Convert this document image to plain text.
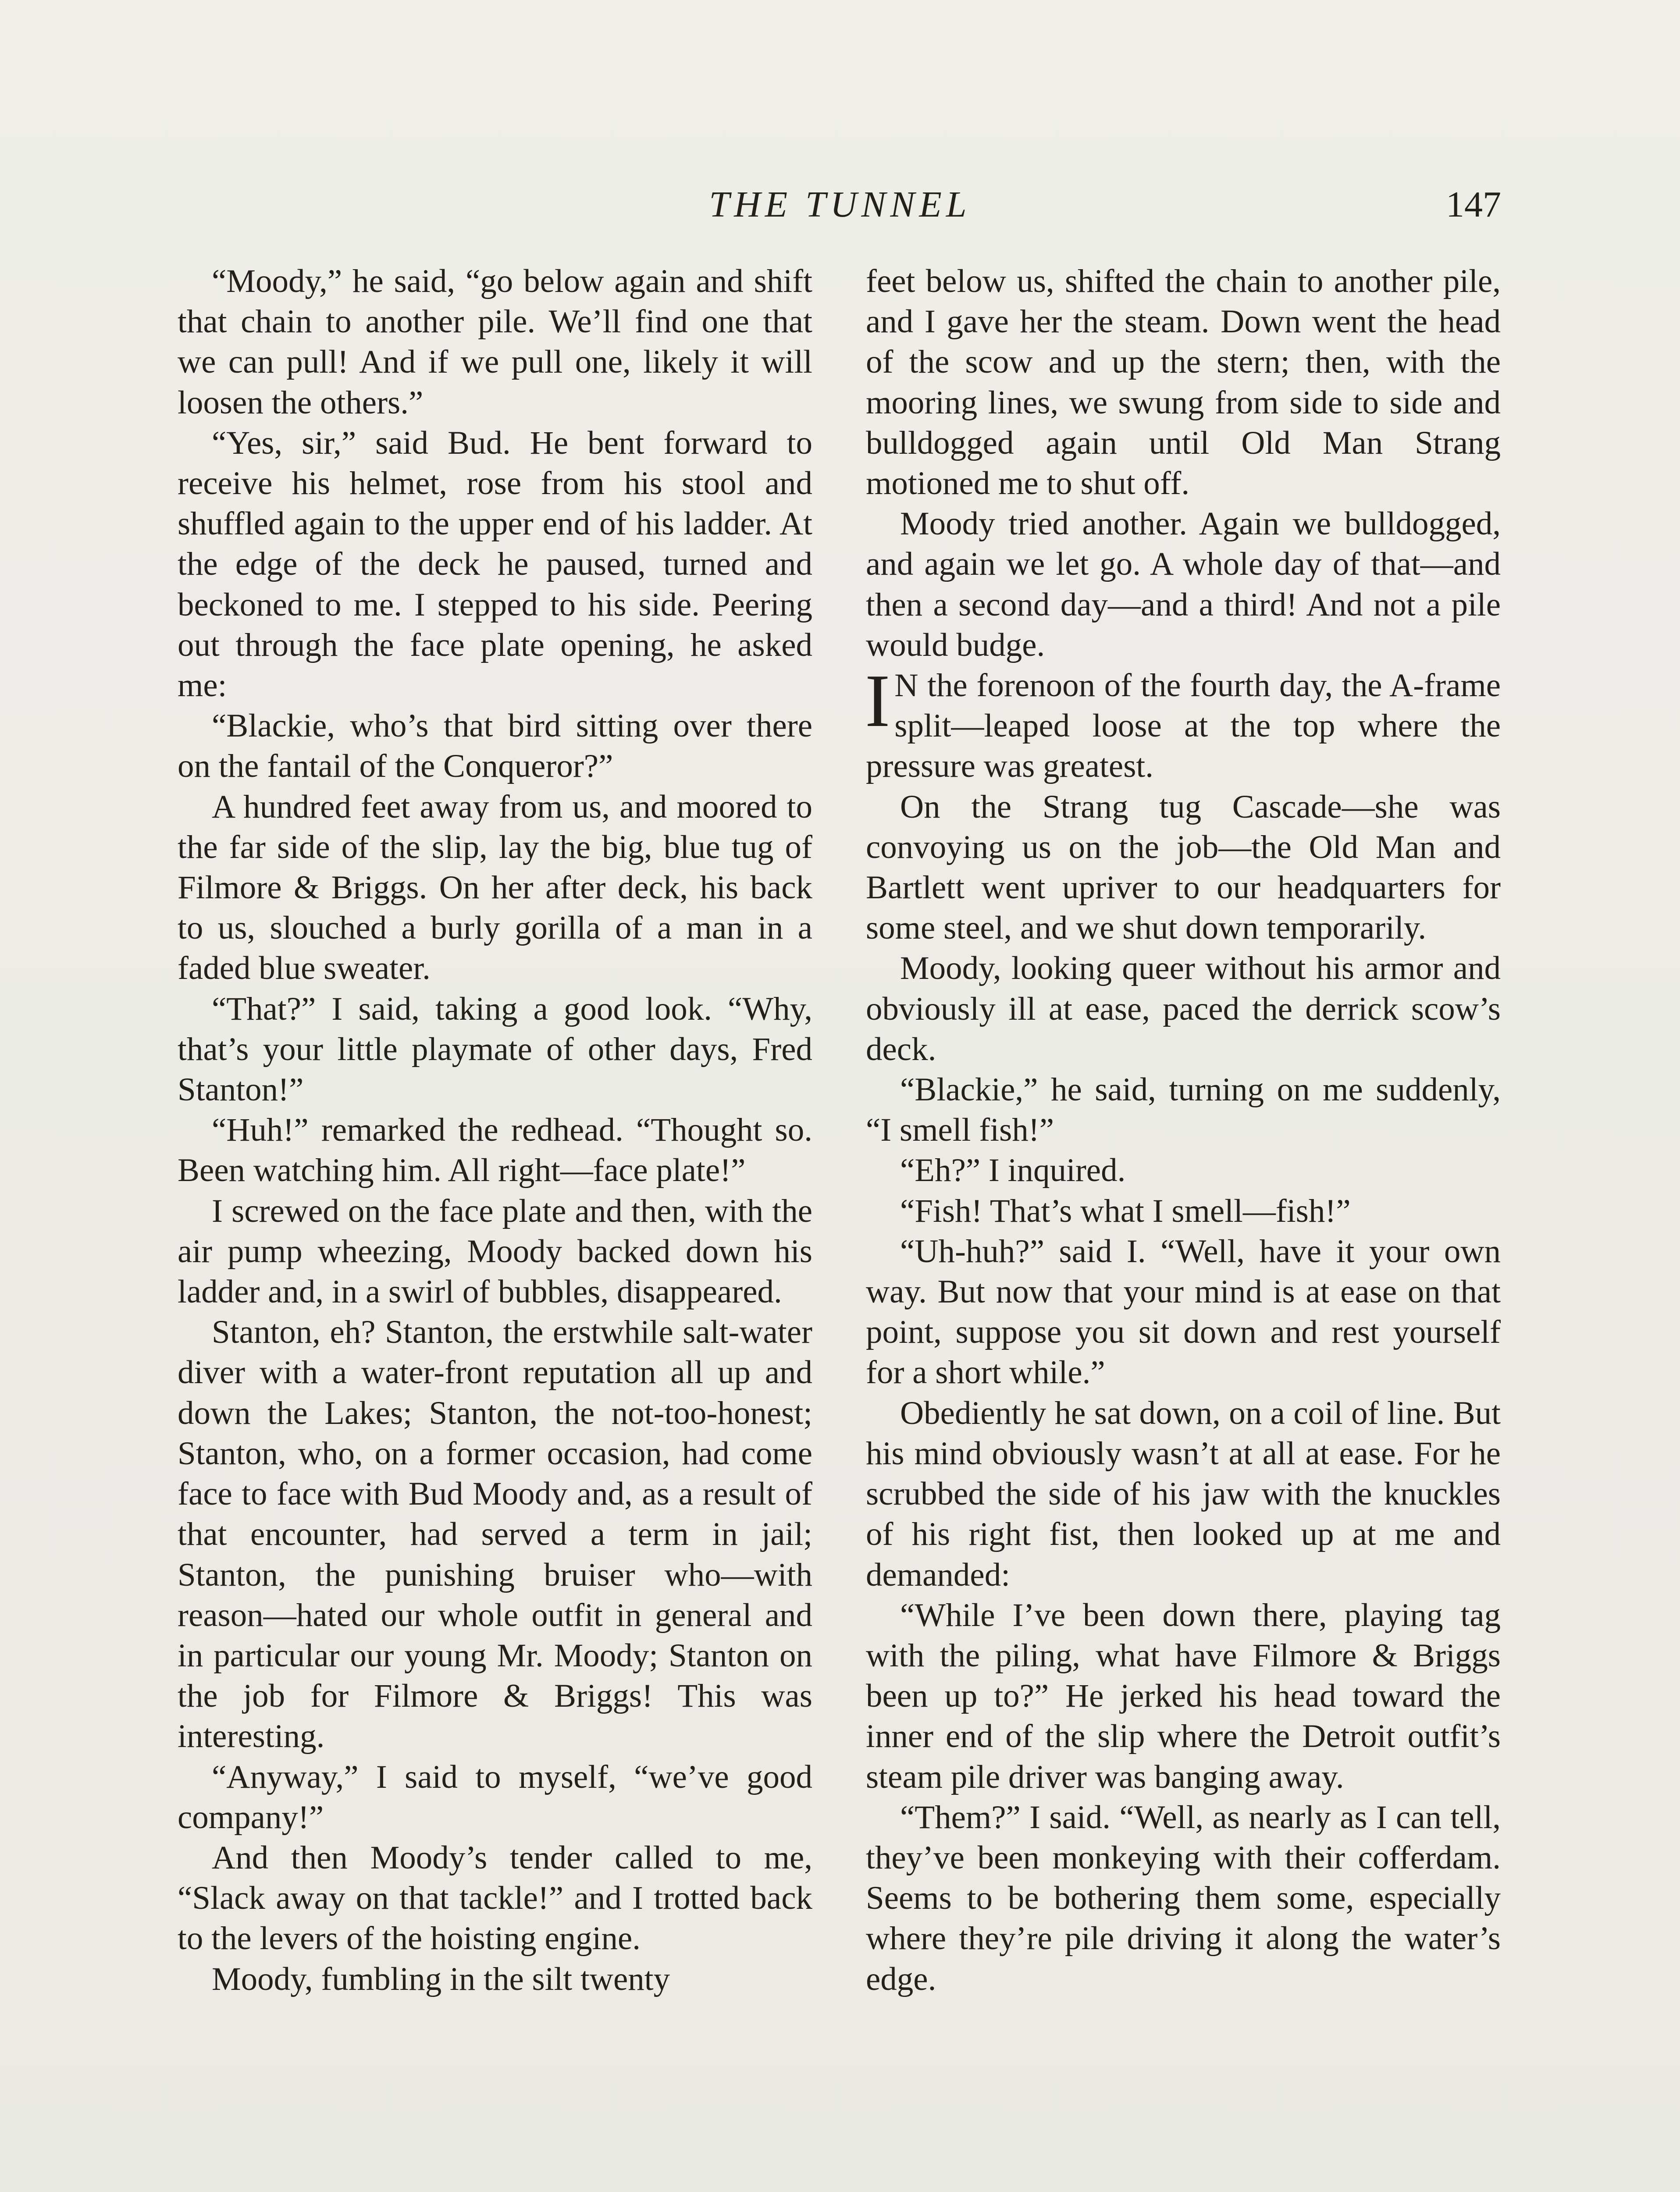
THE TUNNEL	147

“Moody,” he said, “go below again and shift that chain to another pile. We’ll find one that we can pull! And if we pull one, likely it will loosen the others.”

“Yes, sir,” said Bud. He bent forward to receive his helmet, rose from his stool and shuffled again to the upper end of his ladder. At the edge of the deck he paused, turned and beckoned to me. I stepped to his side. Peering out through the face plate opening, he asked me:

“Blackie, who’s that bird sitting over there on the fantail of the Conqueror?”

A hundred feet away from us, and moored to the far side of the slip, lay the big, blue tug of Filmore & Briggs. On her after deck, his back to us, slouched a burly gorilla of a man in a faded blue sweater.

“That?” I said, taking a good look. “Why, that’s your little playmate of other days, Fred Stanton!”

“Huh!” remarked the redhead. “Thought so. Been watching him. All right—face plate!”

I screwed on the face plate and then, with the air pump wheezing, Moody backed down his ladder and, in a swirl of bubbles, disappeared.

Stanton, eh? Stanton, the erstwhile salt-water diver with a water-front reputation all up and down the Lakes; Stanton, the not-too-honest; Stanton, who, on a former occasion, had come face to face with Bud Moody and, as a result of that encounter, had served a term in jail; Stanton, the punishing bruiser who—with reason—hated our whole outfit in general and in particular our young Mr. Moody; Stanton on the job for Filmore & Briggs! This was interesting.

“Anyway,” I said to myself, “we’ve good company!”

And then Moody’s tender called to me, “Slack away on that tackle!” and I trotted back to the levers of the hoisting engine.

Moody, fumbling in the silt twenty

feet below us, shifted the chain to another pile, and I gave her the steam. Down went the head of the scow and up the stern; then, with the mooring lines, we swung from side to side and bulldogged again until Old Man Strang motioned me to shut off.

Moody tried another. Again we bulldogged, and again we let go. A whole day of that—and then a second day—and a third! And not a pile would budge.

I N the forenoon of the fourth day, the A-frame split—leaped loose at the top where the pressure was greatest.

On the Strang tug Cascade—she was convoying us on the job—the Old Man and Bartlett went upriver to our headquarters for some steel, and we shut down temporarily.

Moody, looking queer without his armor and obviously ill at ease, paced the derrick scow’s deck.

“Blackie,” he said, turning on me suddenly, “I smell fish!”

“Eh?” I inquired.

“Fish! That’s what I smell—fish!”

“Uh-huh?” said I. “Well, have it your own way. But now that your mind is at ease on that point, suppose you sit down and rest yourself for a short while.”

Obediently he sat down, on a coil of line. But his mind obviously wasn’t at all at ease. For he scrubbed the side of his jaw with the knuckles of his right fist, then looked up at me and demanded:

“While I’ve been down there, playing tag with the piling, what have Filmore & Briggs been up to?” He jerked his head toward the inner end of the slip where the Detroit outfit’s steam pile driver was banging away.

“Them?” I said. “Well, as nearly as I can tell, they’ve been monkeying with their cofferdam. Seems to be bothering them some, especially where they’re pile driving it along the water’s edge.
